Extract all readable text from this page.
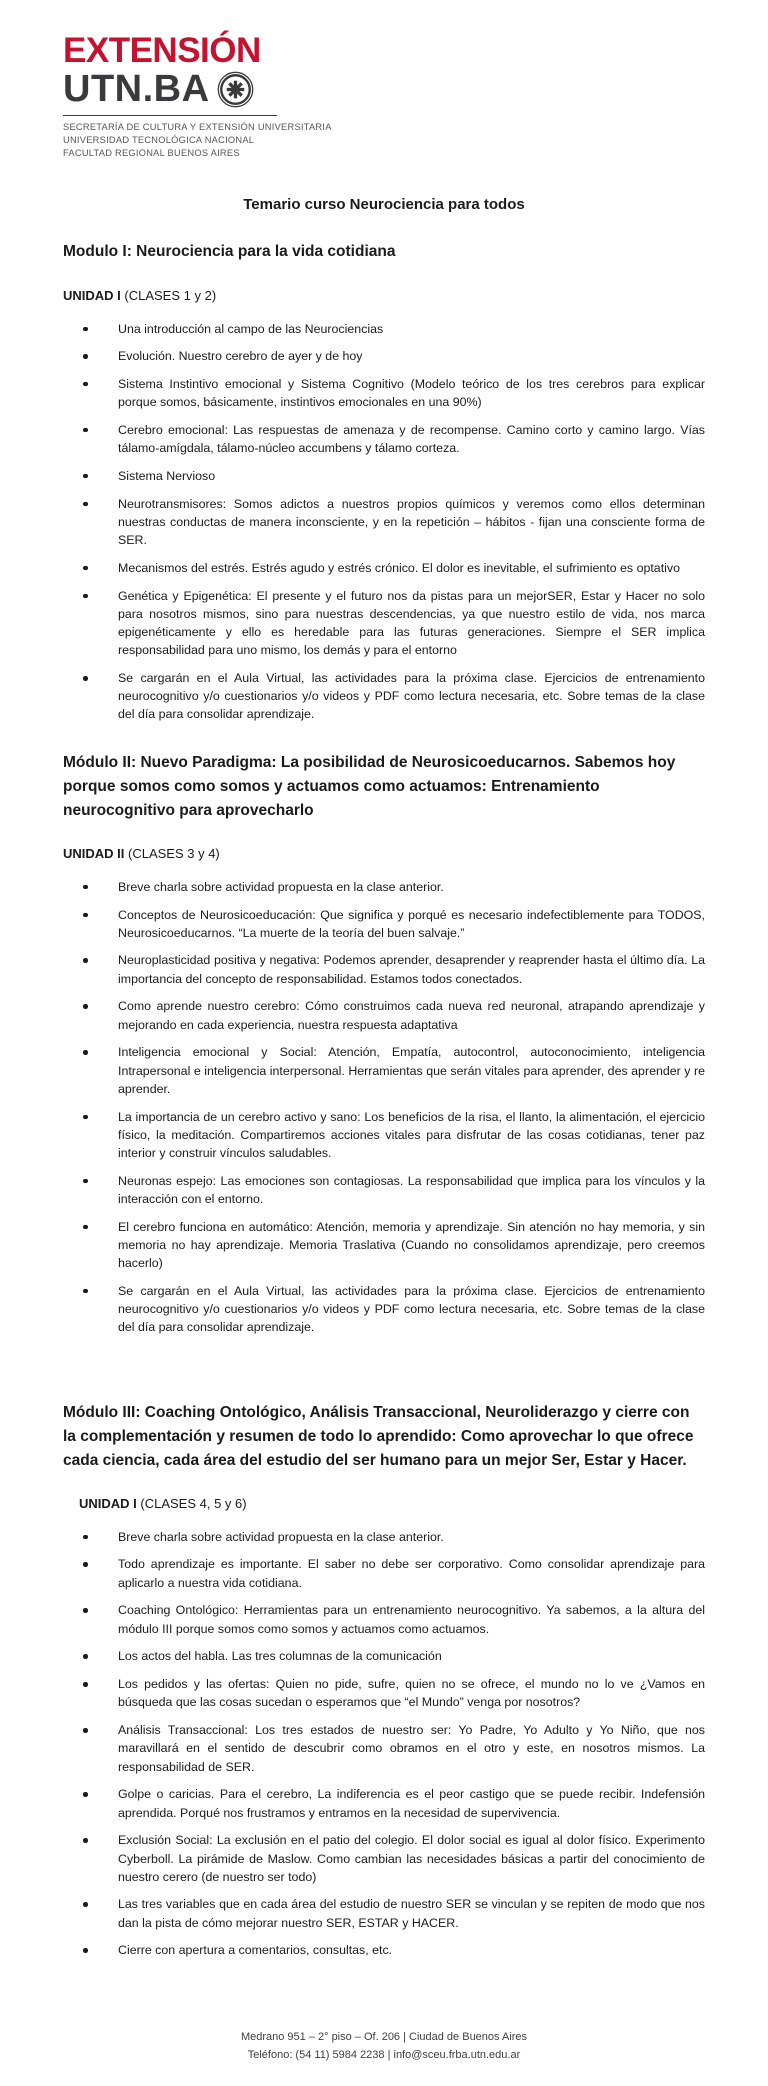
EXTENSIÓN
UTN.BA
SECRETARÍA DE CULTURA Y EXTENSIÓN UNIVERSITARIA
UNIVERSIDAD TECNOLÓGICA NACIONAL
FACULTAD REGIONAL BUENOS AIRES
Temario curso Neurociencia para todos
Modulo I: Neurociencia para la vida cotidiana

UNIDAD I (CLASES 1 y 2)

Una introducción al campo de las Neurociencias
Evolución. Nuestro cerebro de ayer y de hoy
Sistema Instintivo emocional y Sistema Cognitivo (Modelo teórico de los tres cerebros para explicar porque somos, básicamente, instintivos emocionales en una 90%)
Cerebro emocional: Las respuestas de amenaza y de recompense. Camino corto y camino largo. Vías tálamo-amígdala, tálamo-núcleo accumbens y tálamo corteza.
Sistema Nervioso
Neurotransmisores: Somos adictos a nuestros propios químicos y veremos como ellos determinan nuestras conductas de manera inconsciente, y en la repetición – hábitos - fijan una consciente forma de SER.
Mecanismos del estrés. Estrés agudo y estrés crónico. El dolor es inevitable, el sufrimiento es optativo
Genética y Epigenética: El presente y el futuro nos da pistas para un mejorSER, Estar y Hacer no solo para nosotros mismos, sino para nuestras descendencias, ya que nuestro estilo de vida, nos marca epigenéticamente y ello es heredable para las futuras generaciones. Siempre el SER implica responsabilidad para uno mismo, los demás y para el entorno
Se cargarán en el Aula Virtual, las actividades para la próxima clase. Ejercicios de entrenamiento neurocognitivo y/o cuestionarios y/o videos y PDF como lectura necesaria, etc. Sobre temas de la clase del día para consolidar aprendizaje.
Módulo II: Nuevo Paradigma: La posibilidad de Neurosicoeducarnos. Sabemos hoy porque somos como somos y actuamos como actuamos: Entrenamiento neurocognitivo para aprovecharlo

UNIDAD II (CLASES 3 y 4)

Breve charla sobre actividad propuesta en la clase anterior.
Conceptos de Neurosicoeducación: Que significa y porqué es necesario indefectiblemente para TODOS, Neurosicoeducarnos. “La muerte de la teoría del buen salvaje.”
Neuroplasticidad positiva y negativa: Podemos aprender, desaprender y reaprender hasta el último día. La importancia del concepto de responsabilidad. Estamos todos conectados.
Como aprende nuestro cerebro: Cómo construimos cada nueva red neuronal, atrapando aprendizaje y mejorando en cada experiencia, nuestra respuesta adaptativa
Inteligencia emocional y Social: Atención, Empatía, autocontrol, autoconocimiento, inteligencia Intrapersonal e inteligencia interpersonal. Herramientas que serán vitales para aprender, des aprender y re aprender.
La importancia de un cerebro activo y sano: Los beneficios de la risa, el llanto, la alimentación, el ejercicio físico, la meditación. Compartiremos acciones vitales para disfrutar de las cosas cotidianas, tener paz interior y construir vínculos saludables.
Neuronas espejo: Las emociones son contagiosas. La responsabilidad que implica para los vínculos y la interacción con el entorno.
El cerebro funciona en automático: Atención, memoria y aprendizaje. Sin atención no hay memoria, y sin memoria no hay aprendizaje. Memoria Traslativa (Cuando no consolidamos aprendizaje, pero creemos hacerlo)
Se cargarán en el Aula Virtual, las actividades para la próxima clase. Ejercicios de entrenamiento neurocognitivo y/o cuestionarios y/o videos y PDF como lectura necesaria, etc. Sobre temas de la clase del día para consolidar aprendizaje.
Módulo III: Coaching Ontológico, Análisis Transaccional, Neuroliderazgo y cierre con la complementación y resumen de todo lo aprendido: Como aprovechar lo que ofrece cada ciencia, cada área del estudio del ser humano para un mejor Ser, Estar y Hacer.

UNIDAD I (CLASES 4, 5 y 6)

Breve charla sobre actividad propuesta en la clase anterior.
Todo aprendizaje es importante. El saber no debe ser corporativo. Como consolidar aprendizaje para aplicarlo a nuestra vida cotidiana.
Coaching Ontológico: Herramientas para un entrenamiento neurocognitivo. Ya sabemos, a la altura del módulo III porque somos como somos y actuamos como actuamos.
Los actos del habla. Las tres columnas de la comunicación
Los pedidos y las ofertas: Quien no pide, sufre, quien no se ofrece, el mundo no lo ve ¿Vamos en búsqueda que las cosas sucedan o esperamos que “el Mundo” venga por nosotros?
Análisis Transaccional: Los tres estados de nuestro ser: Yo Padre, Yo Adulto y Yo Niño, que nos maravillará en el sentido de descubrir como obramos en el otro y este, en nosotros mismos. La responsabilidad de SER.
Golpe o caricias. Para el cerebro, La indiferencia es el peor castigo que se puede recibir. Indefensión aprendida. Porqué nos frustramos y entramos en la necesidad de supervivencia.
Exclusión Social: La exclusión en el patio del colegio. El dolor social es igual al dolor físico. Experimento Cyberboll. La pirámide de Maslow. Como cambian las necesidades básicas a partir del conocimiento de nuestro cerero (de nuestro ser todo)
Las tres variables que en cada área del estudio de nuestro SER se vinculan y se repiten de modo que nos dan la pista de cómo mejorar nuestro SER, ESTAR y HACER.
Cierre con apertura a comentarios, consultas, etc.
Medrano 951 – 2° piso – Of. 206 | Ciudad de Buenos Aires
Teléfono: (54 11) 5984 2238 | info@sceu.frba.utn.edu.ar
